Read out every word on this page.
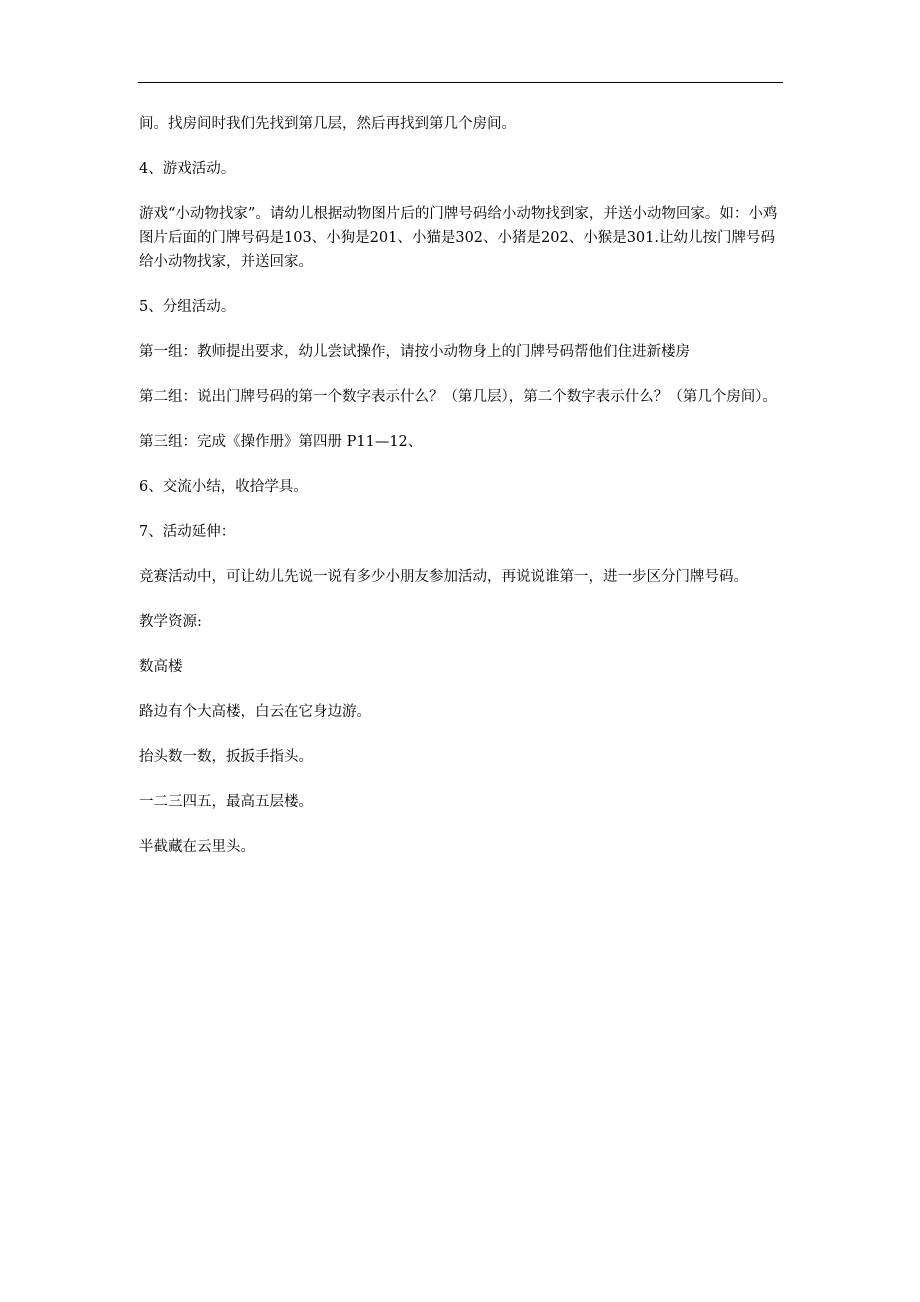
间。找房间时我们先找到第几层，然后再找到第几个房间。

4、游戏活动。

游戏“小动物找家”。请幼儿根据动物图片后的门牌号码给小动物找到家，并送小动物回家。如：小鸡图片后面的门牌号码是103、小狗是201、小猫是302、小猪是202、小猴是301.让幼儿按门牌号码给小动物找家，并送回家。

5、分组活动。

第一组：教师提出要求，幼儿尝试操作，请按小动物身上的门牌号码帮他们住进新楼房

第二组：说出门牌号码的第一个数字表示什么？（第几层），第二个数字表示什么？（第几个房间）。

第三组：完成《操作册》第四册 P11—12、

6、交流小结，收拾学具。

7、活动延伸：

竞赛活动中，可让幼儿先说一说有多少小朋友参加活动，再说说谁第一，进一步区分门牌号码。

教学资源:

数高楼

路边有个大高楼，白云在它身边游。

抬头数一数，扳扳手指头。

一二三四五，最高五层楼。

半截藏在云里头。
